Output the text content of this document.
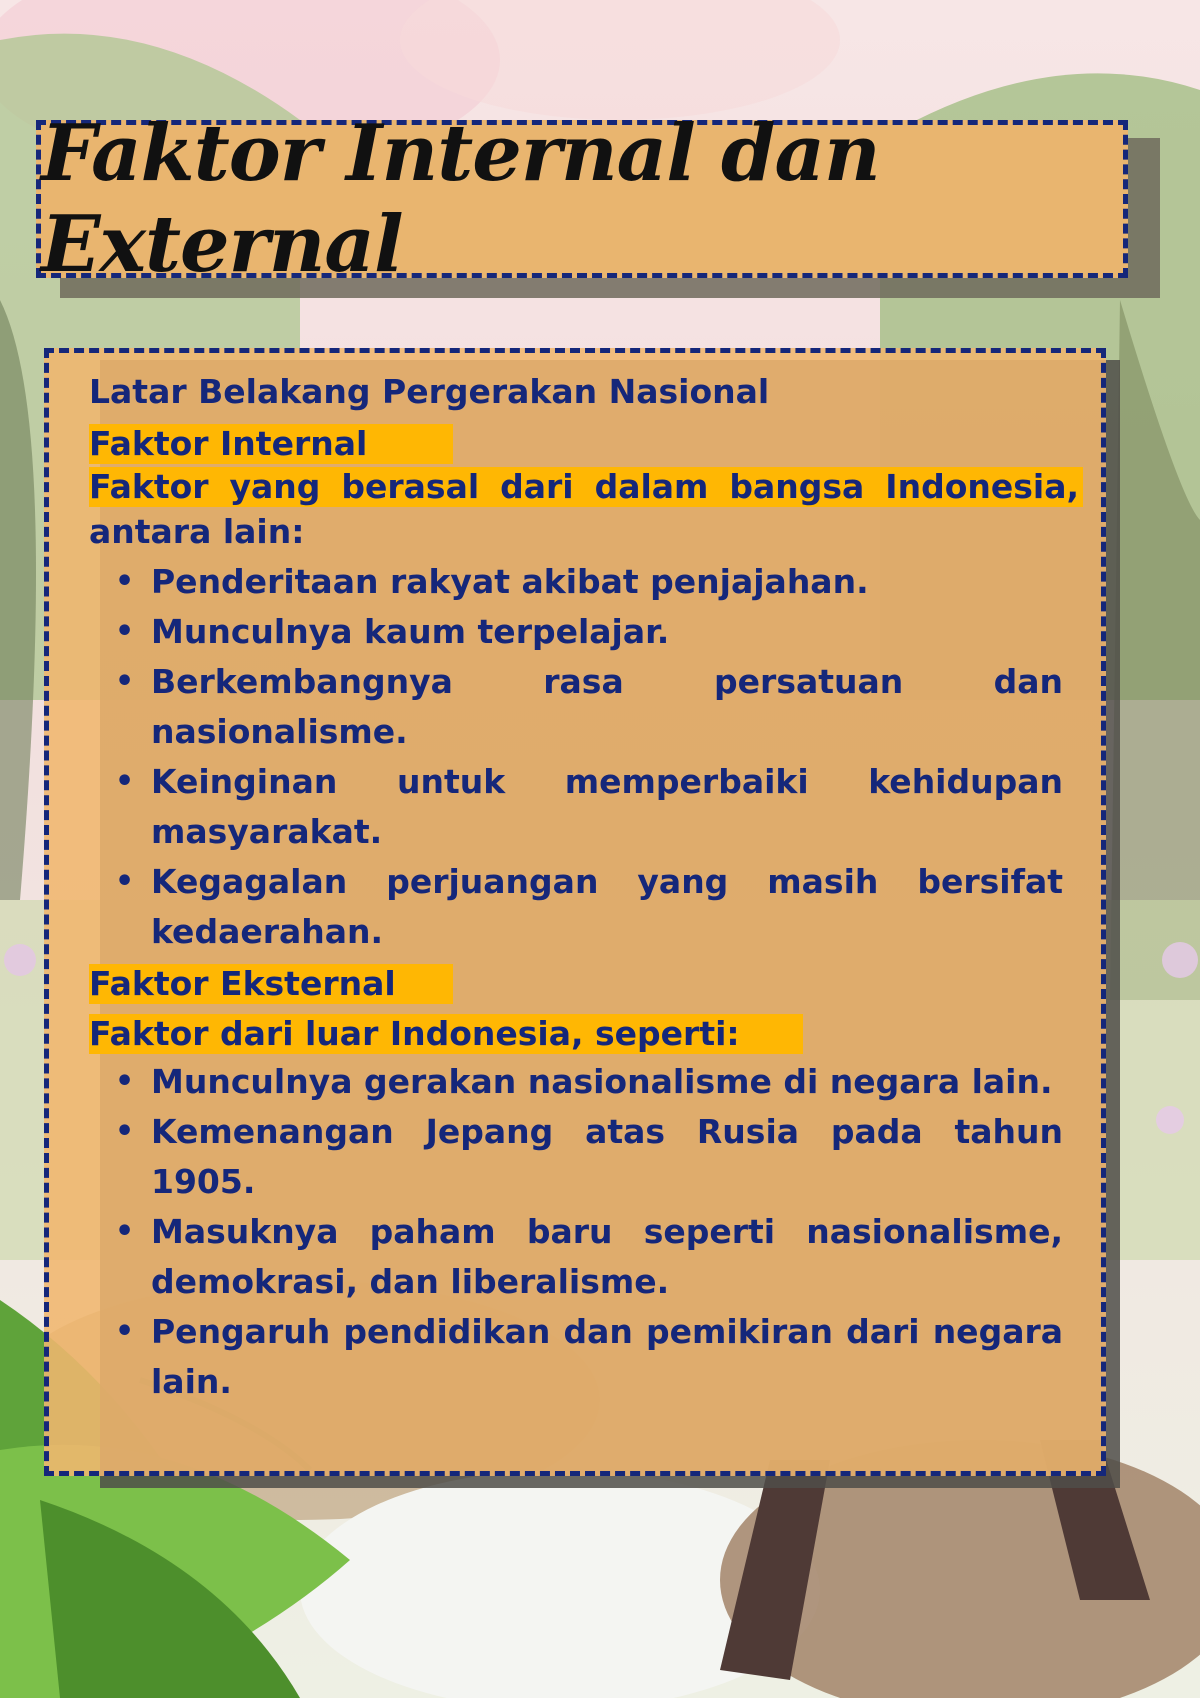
Faktor Internal dan External

Latar Belakang Pergerakan Nasional

Faktor Internal

Faktor yang berasal dari dalam bangsa Indonesia,

antara lain:

• Penderitaan rakyat akibat penjajahan.
• Munculnya kaum terpelajar.
• Berkembangnya rasa persatuan dan nasionalisme.
• Keinginan untuk memperbaiki kehidupan masyarakat.
• Kegagalan perjuangan yang masih bersifat kedaerahan.

Faktor Eksternal

Faktor dari luar Indonesia, seperti:

• Munculnya gerakan nasionalisme di negara lain.
• Kemenangan Jepang atas Rusia pada tahun 1905.
• Masuknya paham baru seperti nasionalisme, demokrasi, dan liberalisme.
• Pengaruh pendidikan dan pemikiran dari negara lain.
